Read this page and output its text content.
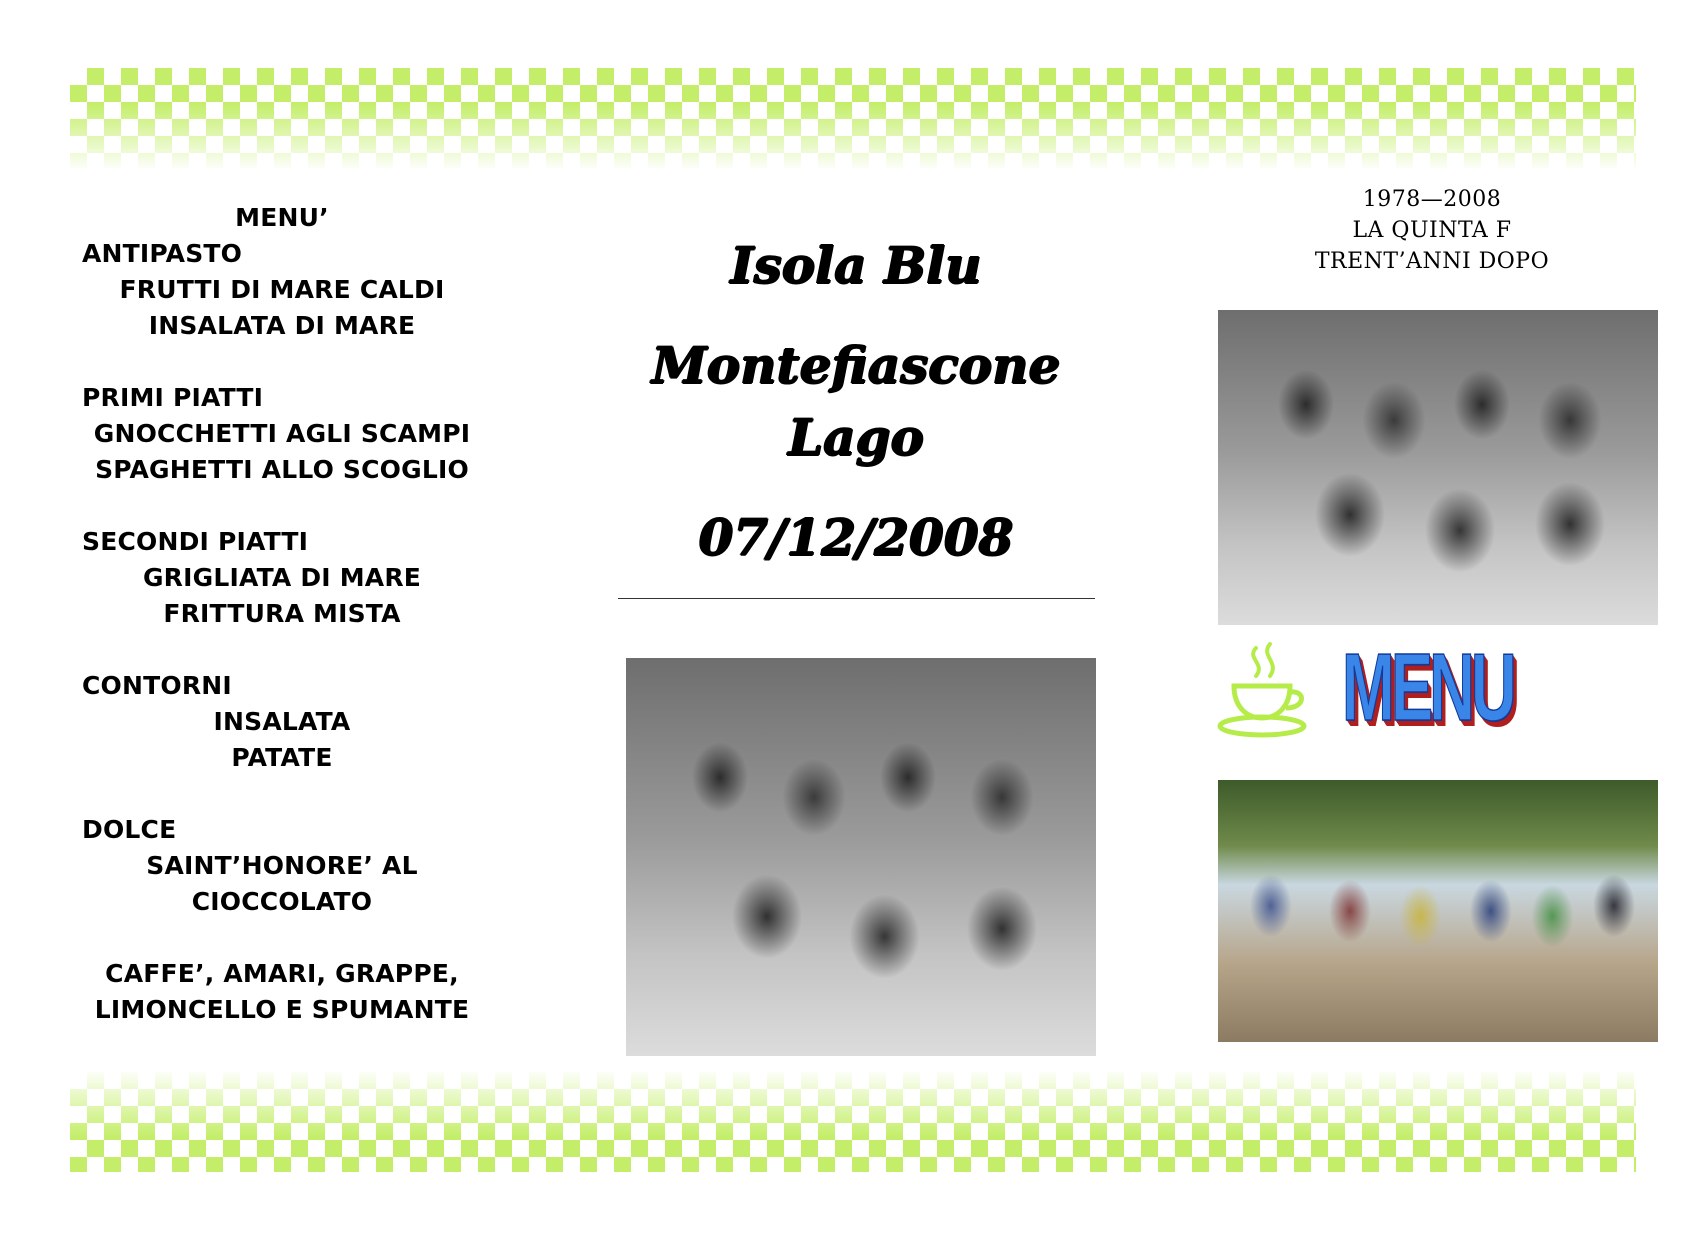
MENU’
ANTIPASTO
FRUTTI DI MARE CALDI
INSALATA DI MARE
PRIMI PIATTI
GNOCCHETTI AGLI SCAMPI
SPAGHETTI ALLO SCOGLIO
SECONDI PIATTI
GRIGLIATA DI MARE
FRITTURA MISTA
CONTORNI
INSALATA
PATATE
DOLCE
SAINT’HONORE’ AL
CIOCCOLATO
CAFFE’, AMARI, GRAPPE,
LIMONCELLO E SPUMANTE
Isola Blu
Montefiascone
Lago
07/12/2008
1978—2008
LA QUINTA F
TRENT’ANNI DOPO
MENU
